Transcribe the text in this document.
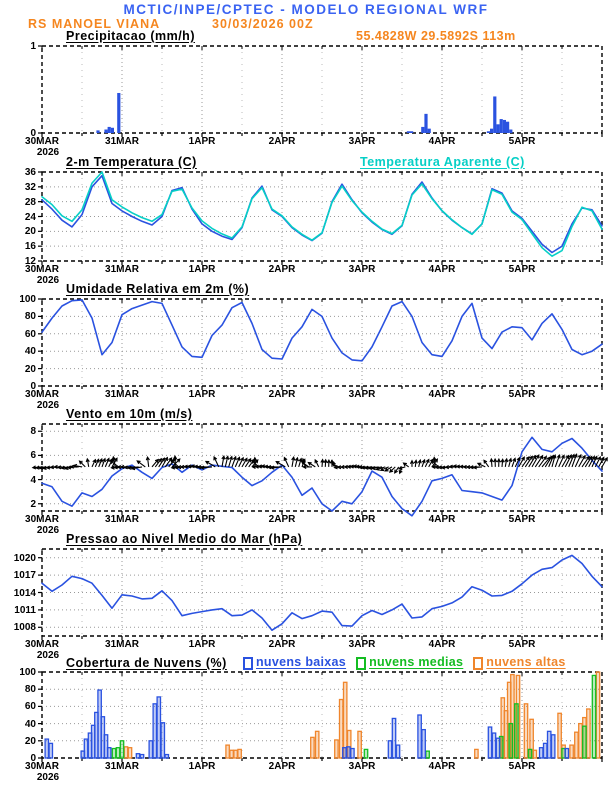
MCTIC/INPE/CPTEC - MODELO REGIONAL WRF
RS MANOEL VIANA	30/03/2026 00Z
55.4828W 29.5892S 113m
Precipitacao (mm/h)
2-m Temperatura (C)	Temperatura Aparente (C)
Umidade Relativa em 2m (%)
Vento em 10m (m/s)
Pressao ao Nivel Medio do Mar (hPa)
Cobertura de Nuvens (%) nuvens baixas nuvens medias nuvens altas
0
1
30MAR	31MAR	1APR	2APR	3APR	4APR	5APR
2026
12
16
20
24
28
32
36
30MAR	31MAR	1APR	2APR	3APR	4APR	5APR
2026
0
20
40
60
80
100
30MAR	31MAR	1APR	2APR	3APR	4APR	5APR
2026
2
4
6
8
30MAR	31MAR	1APR	2APR	3APR	4APR	5APR
2026
1008
1011
1014
1017
1020
30MAR	31MAR	1APR	2APR	3APR	4APR	5APR
2026
0
20
40
60
80
100
30MAR	31MAR	1APR	2APR	3APR	4APR	5APR
2026
